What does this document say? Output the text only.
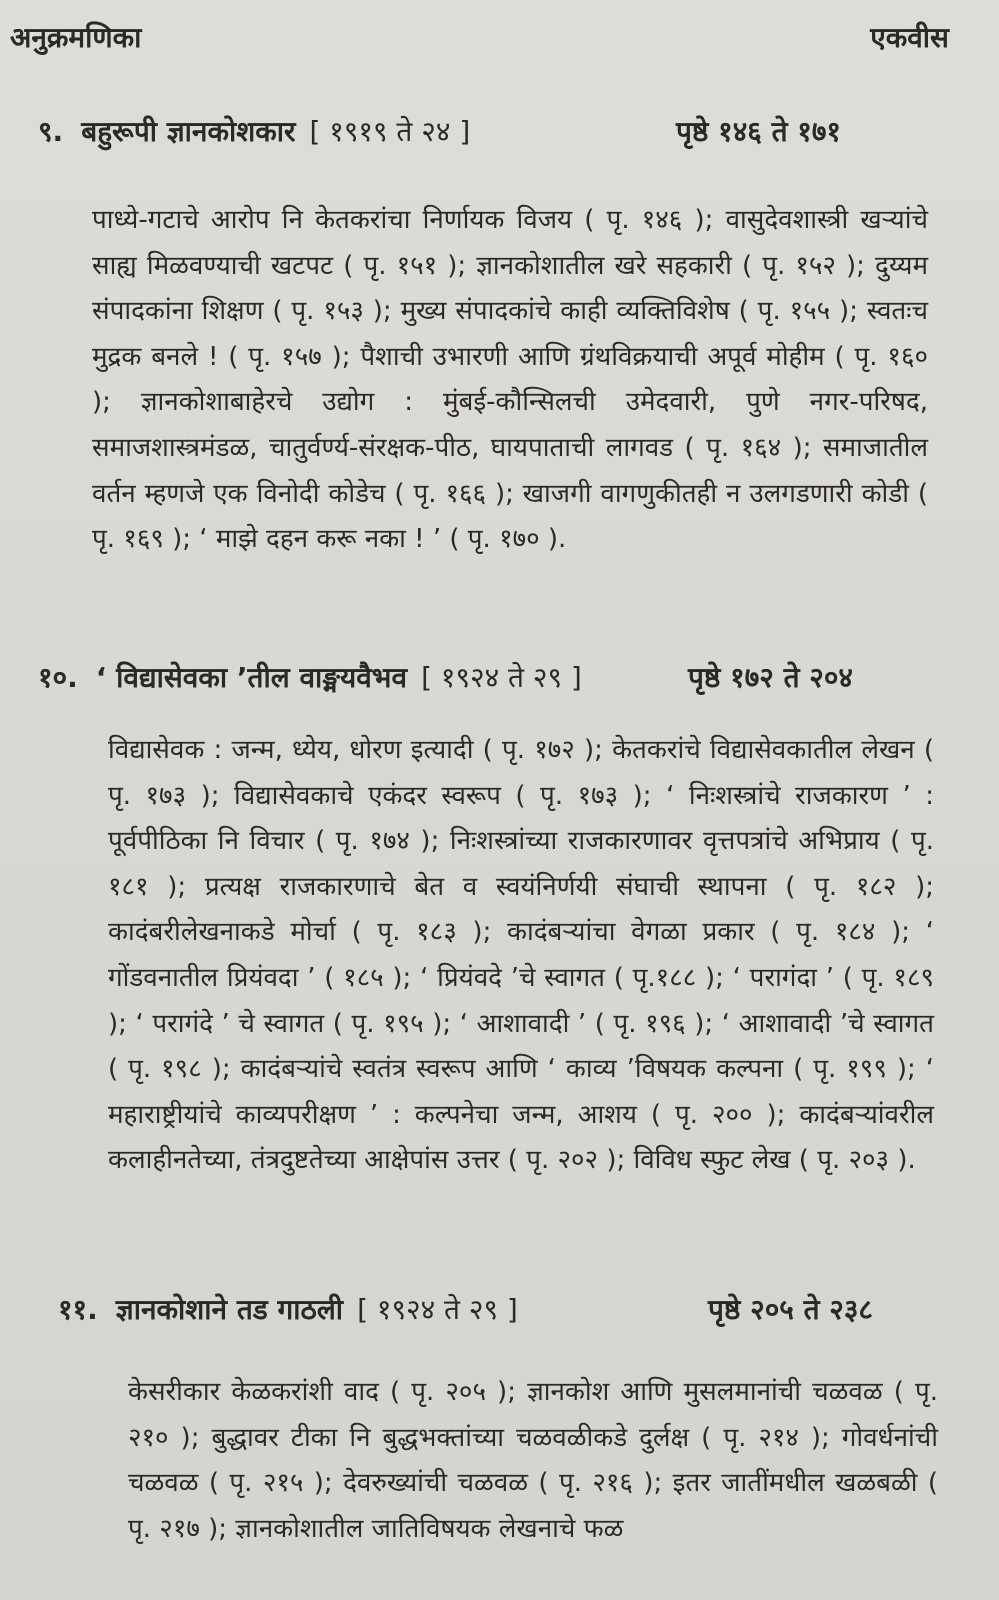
अनुक्रमणिका	एकवीस
९. बहुरूपी ज्ञानकोशकार [ १९१९ ते २४ ]	पृष्ठे १४६ ते १७१
पाध्ये-गटाचे आरोप नि केतकरांचा निर्णायक विजय ( पृ. १४६ ); वासुदेवशास्त्री खऱ्यांचे साह्य मिळवण्याची खटपट ( पृ. १५१ ); ज्ञानकोशातील खरे सहकारी ( पृ. १५२ ); दुय्यम संपादकांना शिक्षण ( पृ. १५३ ); मुख्य संपादकांचे काही व्यक्तिविशेष ( पृ. १५५ ); स्वतःच मुद्रक बनले ! ( पृ. १५७ ); पैशाची उभारणी आणि ग्रंथविक्रयाची अपूर्व मोहीम ( पृ. १६० ); ज्ञानकोशाबाहेरचे उद्योग : मुंबई-कौन्सिलची उमेदवारी, पुणे नगर-परिषद, समाजशास्त्रमंडळ, चातुर्वर्ण्य-संरक्षक-पीठ, घायपाताची लागवड ( पृ. १६४ ); समाजातील वर्तन म्हणजे एक विनोदी कोडेच ( पृ. १६६ ); खाजगी वागणुकीतही न उलगडणारी कोडी ( पृ. १६९ ); ‘ माझे दहन करू नका ! ’ ( पृ. १७० ).
१०. ‘ विद्यासेवका ’तील वाङ्मयवैभव [ १९२४ ते २९ ]	पृष्ठे १७२ ते २०४
विद्यासेवक : जन्म, ध्येय, धोरण इत्यादी ( पृ. १७२ ); केतकरांचे विद्यासेवकातील लेखन ( पृ. १७३ ); विद्यासेवकाचे एकंदर स्वरूप ( पृ. १७३ ); ‘ निःशस्त्रांचे राजकारण ’ : पूर्वपीठिका नि विचार ( पृ. १७४ ); निःशस्त्रांच्या राजकारणावर वृत्तपत्रांचे अभिप्राय ( पृ. १८१ ); प्रत्यक्ष राजकारणाचे बेत व स्वयंनिर्णयी संघाची स्थापना ( पृ. १८२ ); कादंबरीलेखनाकडे मोर्चा ( पृ. १८३ ); कादंबऱ्यांचा वेगळा प्रकार ( पृ. १८४ ); ‘ गोंडवनातील प्रियंवदा ’ ( १८५ ); ‘ प्रियंवदे ’चे स्वागत ( पृ.१८८ ); ‘ परागंदा ’ ( पृ. १८९ ); ‘ परागंदे ’ चे स्वागत ( पृ. १९५ ); ‘ आशावादी ’ ( पृ. १९६ ); ‘ आशावादी ’चे स्वागत ( पृ. १९८ ); कादंबऱ्यांचे स्वतंत्र स्वरूप आणि ‘ काव्य ’विषयक कल्पना ( पृ. १९९ ); ‘ महाराष्ट्रीयांचे काव्यपरीक्षण ’ : कल्पनेचा जन्म, आशय ( पृ. २०० ); कादंबऱ्यांवरील कलाहीनतेच्या, तंत्रदुष्टतेच्या आक्षेपांस उत्तर ( पृ. २०२ ); विविध स्फुट लेख ( पृ. २०३ ).
११. ज्ञानकोशाने तड गाठली [ १९२४ ते २९ ]	पृष्ठे २०५ ते २३८
केसरीकार केळकरांशी वाद ( पृ. २०५ ); ज्ञानकोश आणि मुसलमानांची चळवळ ( पृ. २१० ); बुद्धावर टीका नि बुद्धभक्तांच्या चळवळीकडे दुर्लक्ष ( पृ. २१४ ); गोवर्धनांची चळवळ ( पृ. २१५ ); देवरुख्यांची चळवळ ( पृ. २१६ ); इतर जातींमधील खळबळी ( पृ. २१७ ); ज्ञानकोशातील जातिविषयक लेखनाचे फळ
